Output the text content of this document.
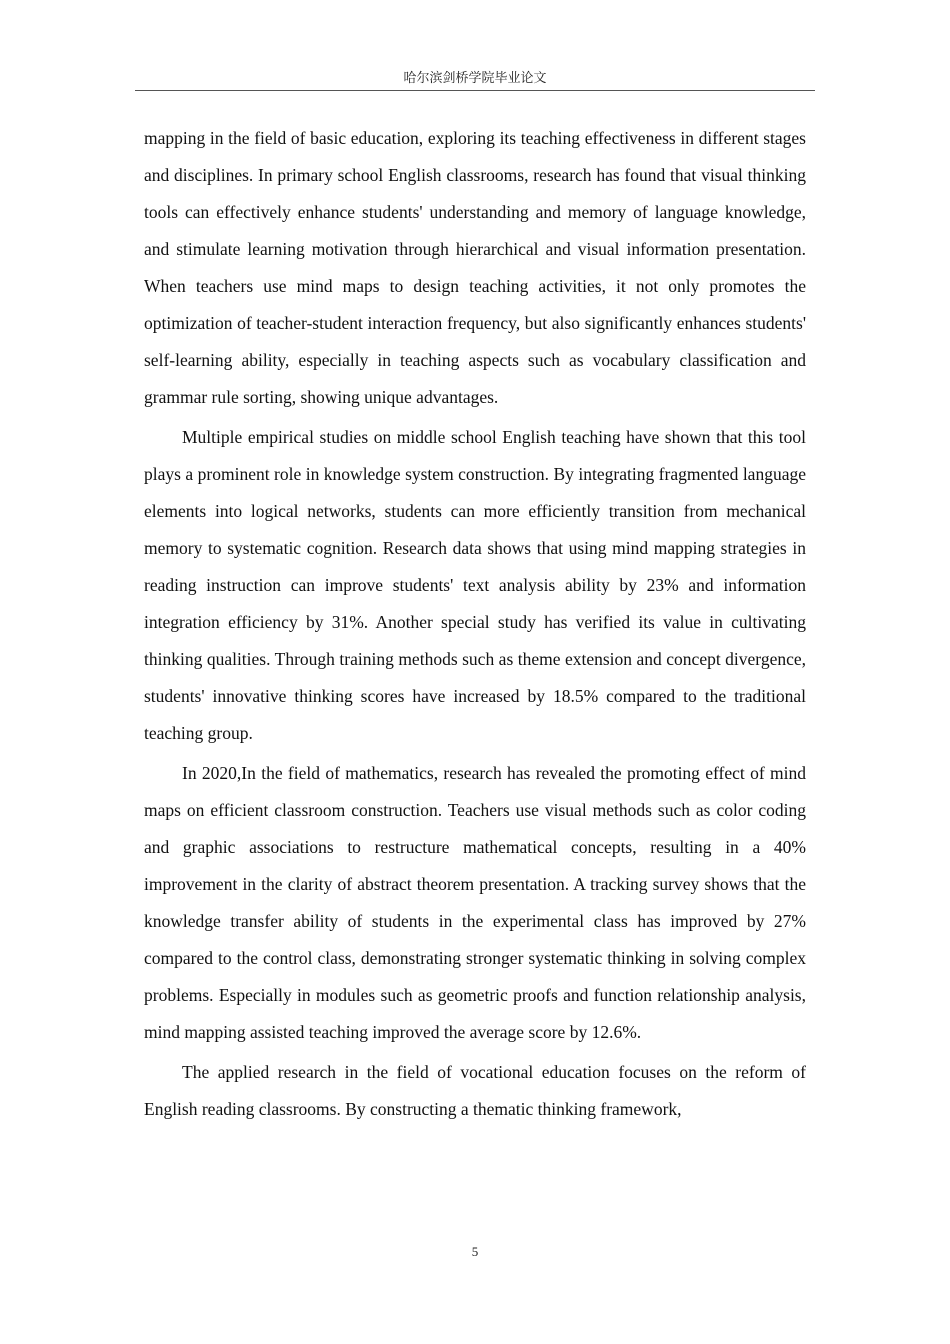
哈尔滨剑桥学院毕业论文

mapping in the field of basic education, exploring its teaching effectiveness in different stages and disciplines. In primary school English classrooms, research has found that visual thinking tools can effectively enhance students' understanding and memory of language knowledge, and stimulate learning motivation through hierarchical and visual information presentation. When teachers use mind maps to design teaching activities, it not only promotes the optimization of teacher-student interaction frequency, but also significantly enhances students' self-learning ability, especially in teaching aspects such as vocabulary classification and grammar rule sorting, showing unique advantages.

Multiple empirical studies on middle school English teaching have shown that this tool plays a prominent role in knowledge system construction. By integrating fragmented language elements into logical networks, students can more efficiently transition from mechanical memory to systematic cognition. Research data shows that using mind mapping strategies in reading instruction can improve students' text analysis ability by 23% and information integration efficiency by 31%. Another special study has verified its value in cultivating thinking qualities. Through training methods such as theme extension and concept divergence, students' innovative thinking scores have increased by 18.5% compared to the traditional teaching group.

In 2020,In the field of mathematics, research has revealed the promoting effect of mind maps on efficient classroom construction. Teachers use visual methods such as color coding and graphic associations to restructure mathematical concepts, resulting in a 40% improvement in the clarity of abstract theorem presentation. A tracking survey shows that the knowledge transfer ability of students in the experimental class has improved by 27% compared to the control class, demonstrating stronger systematic thinking in solving complex problems. Especially in modules such as geometric proofs and function relationship analysis, mind mapping assisted teaching improved the average score by 12.6%.

The applied research in the field of vocational education focuses on the reform of English reading classrooms. By constructing a thematic thinking framework,

5
